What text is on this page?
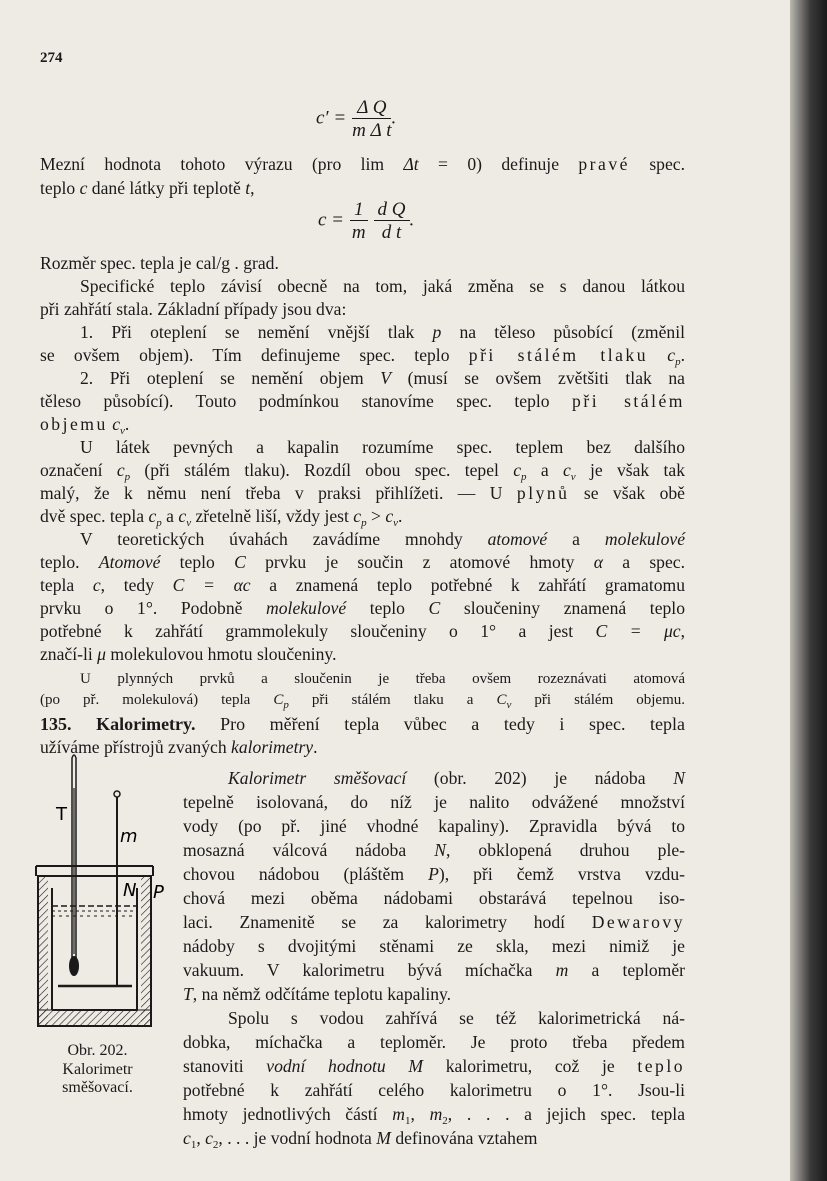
274
$c' = \frac{\text{Δ Q}}{\text{m Δ t}}$ .
Mezní hodnota tohoto výrazu (pro lim Δt = 0) definuje pravé spec.
teplo c dané látky při teplotě t,
$c = \frac{1}{m} \frac{\text{d Q}}{\text{d t}}$ .
Rozměr spec. tepla je cal/g . grad.
Specifické teplo závisí obecně na tom, jaká změna se s danou látkou
při zahřátí stala. Základní případy jsou dva:
1. Při oteplení se nemění vnější tlak p na těleso působící (změnil
se ovšem objem). Tím definujeme spec. teplo při stálém tlaku $c_p$.
2. Při oteplení se nemění objem V (musí se ovšem zvětšiti tlak na
těleso působící). Touto podmínkou stanovíme spec. teplo při stálém
objemu $c_v$.
U látek pevných a kapalin rozumíme spec. teplem bez dalšího
označení $c_p$ (při stálém tlaku). Rozdíl obou spec. tepel $c_p$ a $c_v$ je však tak
malý, že k němu není třeba v praksi přihlížeti. — U plynů se však obě
dvě spec. tepla $c_p$ a $c_v$ zřetelně liší, vždy jest $c_p > c_v$.
V teoretických úvahách zavádíme mnohdy atomové a molekulové
teplo. Atomové teplo C prvku je součin z atomové hmoty α a spec.
tepla c, tedy C = αc a znamená teplo potřebné k zahřátí gramatomu
prvku o 1°. Podobně molekulové teplo C sloučeniny znamená teplo
potřebné k zahřátí grammolekuly sloučeniny o 1° a jest C = μc,
značí-li μ molekulovou hmotu sloučeniny.
U plynných prvků a sloučenin je třeba ovšem rozeznávati atomová
(po př. molekulová) tepla $C_p$ při stálém tlaku a $C_v$ při stálém objemu.
135. Kalorimetry. Pro měření tepla vůbec a tedy i spec. tepla
užíváme přístrojů zvaných kalorimetry.
Kalorimetr směšovací (obr. 202) je nádoba N
tepelně isolovaná, do níž je nalito odvážené množství
vody (po př. jiné vhodné kapaliny). Zpravidla bývá to
mosazná válcová nádoba N, obklopená druhou ple-
chovou nádobou (pláštěm P), při čemž vrstva vzdu-
chová mezi oběma nádobami obstarává tepelnou iso-
laci. Znamenitě se za kalorimetry hodí Dewarovy
nádoby s dvojitými stěnami ze skla, mezi nimiž je
vakuum. V kalorimetru bývá míchačka m a teploměr
T, na němž odčítáme teplotu kapaliny.
Spolu s vodou zahřívá se též kalorimetrická ná-
dobka, míchačka a teploměr. Je proto třeba předem
stanoviti vodní hodnotu M kalorimetru, což je teplo
potřebné k zahřátí celého kalorimetru o 1°. Jsou-li
hmoty jednotlivých částí $m_1$, $m_2$, . . . a jejich spec. tepla
$c_1$, $c_2$, . . . je vodní hodnota M definována vztahem
T
m
N P
Obr. 202.
Kalorimetr
směšovací.
